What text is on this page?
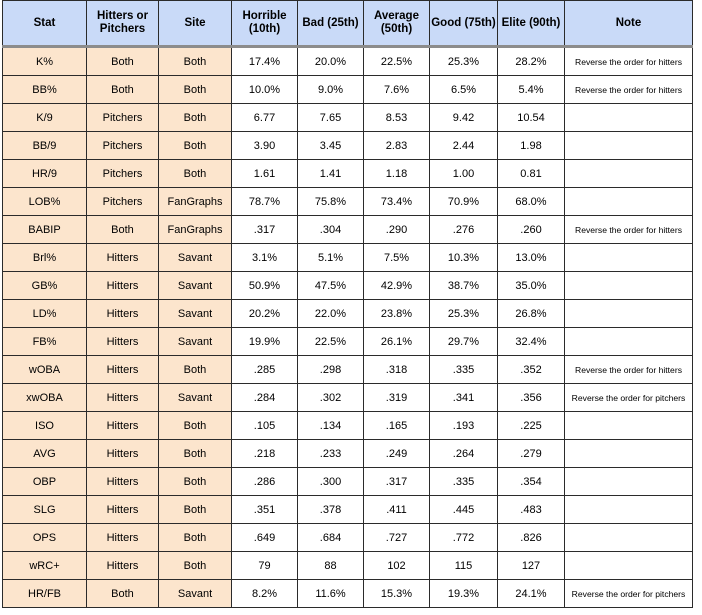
Stat	Hitters or Pitchers	Site	Horrible (10th)	Bad (25th)	Average (50th)	Good (75th)	Elite (90th)	Note
K%	Both	Both	17.4%	20.0%	22.5%	25.3%	28.2%	Reverse the order for hitters
BB%	Both	Both	10.0%	9.0%	7.6%	6.5%	5.4%	Reverse the order for hitters
K/9	Pitchers	Both	6.77	7.65	8.53	9.42	10.54	
BB/9	Pitchers	Both	3.90	3.45	2.83	2.44	1.98	
HR/9	Pitchers	Both	1.61	1.41	1.18	1.00	0.81	
LOB%	Pitchers	FanGraphs	78.7%	75.8%	73.4%	70.9%	68.0%	
BABIP	Both	FanGraphs	.317	.304	.290	.276	.260	Reverse the order for hitters
Brl%	Hitters	Savant	3.1%	5.1%	7.5%	10.3%	13.0%	
GB%	Hitters	Savant	50.9%	47.5%	42.9%	38.7%	35.0%	
LD%	Hitters	Savant	20.2%	22.0%	23.8%	25.3%	26.8%	
FB%	Hitters	Savant	19.9%	22.5%	26.1%	29.7%	32.4%	
wOBA	Hitters	Both	.285	.298	.318	.335	.352	Reverse the order for hitters
xwOBA	Hitters	Savant	.284	.302	.319	.341	.356	Reverse the order for pitchers
ISO	Hitters	Both	.105	.134	.165	.193	.225	
AVG	Hitters	Both	.218	.233	.249	.264	.279	
OBP	Hitters	Both	.286	.300	.317	.335	.354	
SLG	Hitters	Both	.351	.378	.411	.445	.483	
OPS	Hitters	Both	.649	.684	.727	.772	.826	
wRC+	Hitters	Both	79	88	102	115	127	
HR/FB	Both	Savant	8.2%	11.6%	15.3%	19.3%	24.1%	Reverse the order for pitchers
